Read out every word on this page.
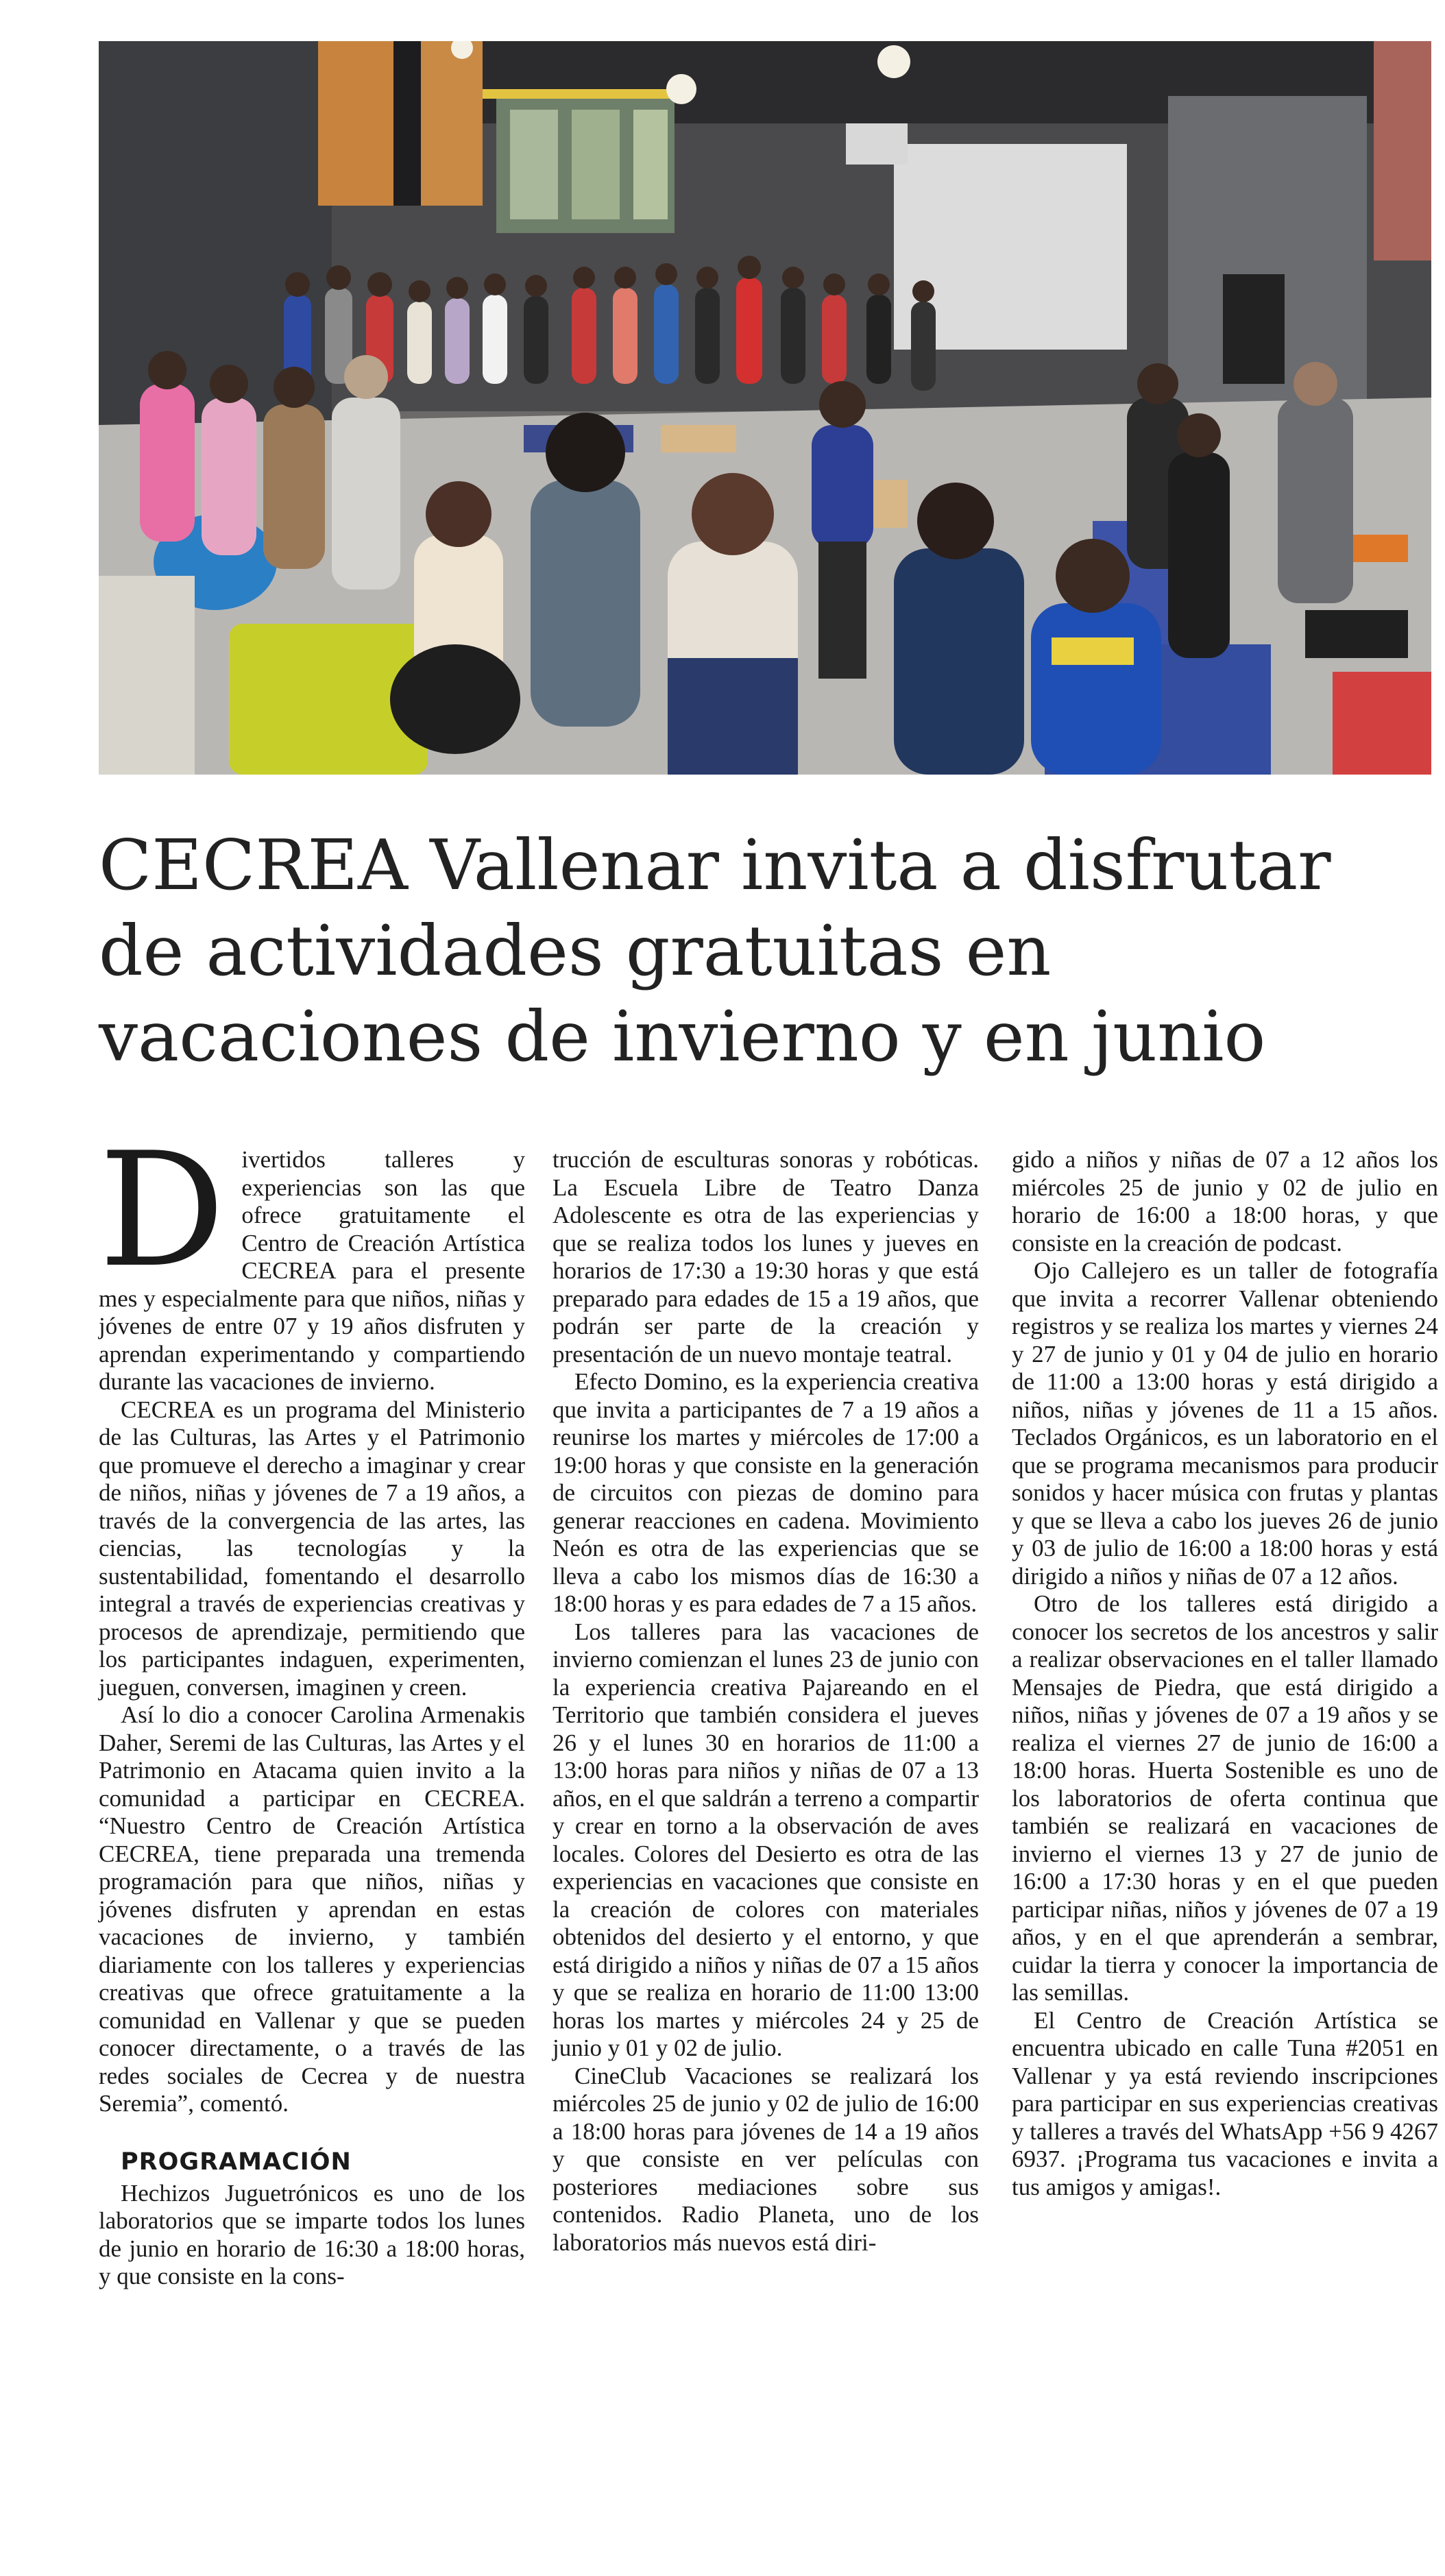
CECREA Vallenar invita a disfrutar de actividades gratuitas en vacaciones de invierno y en junio

Divertidos talleres y experiencias son las que ofrece gratuitamente el Centro de Creación Artística CECREA para el presente mes y especialmente para que niños, niñas y jóvenes de entre 07 y 19 años disfruten y aprendan experimentando y compartiendo durante las vacaciones de invierno.

CECREA es un programa del Ministerio de las Culturas, las Artes y el Patrimonio que promueve el derecho a imaginar y crear de niños, niñas y jóvenes de 7 a 19 años, a través de la convergencia de las artes, las ciencias, las tecnologías y la sustentabilidad, fomentando el desarrollo integral a través de experiencias creativas y procesos de aprendizaje, permitiendo que los participantes indaguen, experimenten, jueguen, conversen, imaginen y creen.

Así lo dio a conocer Carolina Armenakis Daher, Seremi de las Culturas, las Artes y el Patrimonio en Atacama quien invito a la comunidad a participar en CECREA. “Nuestro Centro de Creación Artística CECREA, tiene preparada una tremenda programación para que niños, niñas y jóvenes disfruten y aprendan en estas vacaciones de invierno, y también diariamente con los talleres y experiencias creativas que ofrece gratuitamente a la comunidad en Vallenar y que se pueden conocer directamente, o a través de las redes sociales de Cecrea y de nuestra Seremia”, comentó.

PROGRAMACIÓN

Hechizos Juguetrónicos es uno de los laboratorios que se imparte todos los lunes de junio en horario de 16:30 a 18:00 horas, y que consiste en la cons-

trucción de esculturas sonoras y robóticas. La Escuela Libre de Teatro Danza Adolescente es otra de las experiencias y que se realiza todos los lunes y jueves en horarios de 17:30 a 19:30 horas y que está preparado para edades de 15 a 19 años, que podrán ser parte de la creación y presentación de un nuevo montaje teatral.

Efecto Domino, es la experiencia creativa que invita a participantes de 7 a 19 años a reunirse los martes y miércoles de 17:00 a 19:00 horas y que consiste en la generación de circuitos con piezas de domino para generar reacciones en cadena. Movimiento Neón es otra de las experiencias que se lleva a cabo los mismos días de 16:30 a 18:00 horas y es para edades de 7 a 15 años.

Los talleres para las vacaciones de invierno comienzan el lunes 23 de junio con la experiencia creativa Pajareando en el Territorio que también considera el jueves 26 y el lunes 30 en horarios de 11:00 a 13:00 horas para niños y niñas de 07 a 13 años, en el que saldrán a terreno a compartir y crear en torno a la observación de aves locales. Colores del Desierto es otra de las experiencias en vacaciones que consiste en la creación de colores con materiales obtenidos del desierto y el entorno, y que está dirigido a niños y niñas de 07 a 15 años y que se realiza en horario de 11:00 13:00 horas los martes y miércoles 24 y 25 de junio y 01 y 02 de julio.

CineClub Vacaciones se realizará los miércoles 25 de junio y 02 de julio de 16:00 a 18:00 horas para jóvenes de 14 a 19 años y que consiste en ver películas con posteriores mediaciones sobre sus contenidos. Radio Planeta, uno de los laboratorios más nuevos está diri-

gido a niños y niñas de 07 a 12 años los miércoles 25 de junio y 02 de julio en horario de 16:00 a 18:00 horas, y que consiste en la creación de podcast.

Ojo Callejero es un taller de fotografía que invita a recorrer Vallenar obteniendo registros y se realiza los martes y viernes 24 y 27 de junio y 01 y 04 de julio en horario de 11:00 a 13:00 horas y está dirigido a niños, niñas y jóvenes de 11 a 15 años. Teclados Orgánicos, es un laboratorio en el que se programa mecanismos para producir sonidos y hacer música con frutas y plantas y que se lleva a cabo los jueves 26 de junio y 03 de julio de 16:00 a 18:00 horas y está dirigido a niños y niñas de 07 a 12 años.

Otro de los talleres está dirigido a conocer los secretos de los ancestros y salir a realizar observaciones en el taller llamado Mensajes de Piedra, que está dirigido a niños, niñas y jóvenes de 07 a 19 años y se realiza el viernes 27 de junio de 16:00 a 18:00 horas. Huerta Sostenible es uno de los laboratorios de oferta continua que también se realizará en vacaciones de invierno el viernes 13 y 27 de junio de 16:00 a 17:30 horas y en el que pueden participar niñas, niños y jóvenes de 07 a 19 años, y en el que aprenderán a sembrar, cuidar la tierra y conocer la importancia de las semillas.

El Centro de Creación Artística se encuentra ubicado en calle Tuna #2051 en Vallenar y ya está reviendo inscripciones para participar en sus experiencias creativas y talleres a través del WhatsApp +56 9 4267 6937. ¡Programa tus vacaciones e invita a tus amigos y amigas!.
